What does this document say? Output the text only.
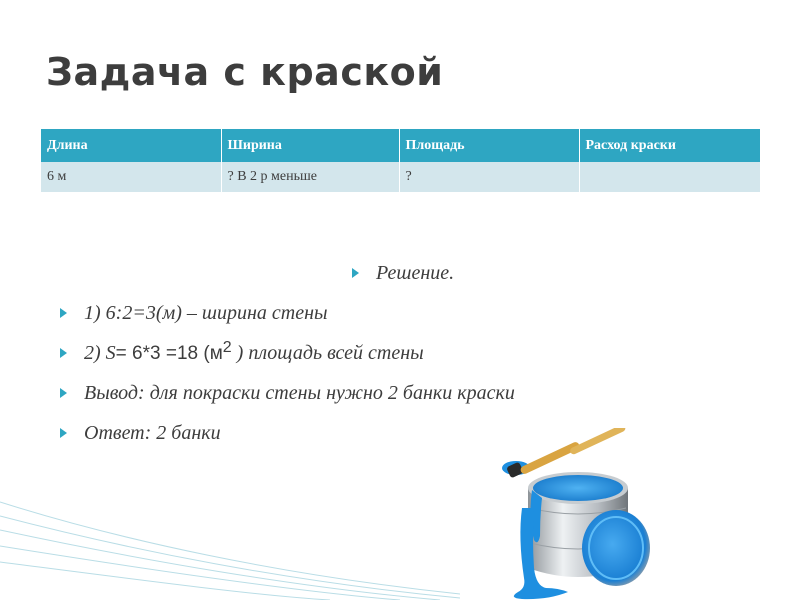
Задача с краской
Длина	Ширина	Площадь	Расход краски
6 м	? В 2 р меньше	?	
Решение.
1) 6:2=3(м) – ширина стены
2) S= 6*3 =18 ($м^2$ ) площадь всей стены
Вывод: для покраски стены нужно 2 банки краски
Ответ: 2 банки
